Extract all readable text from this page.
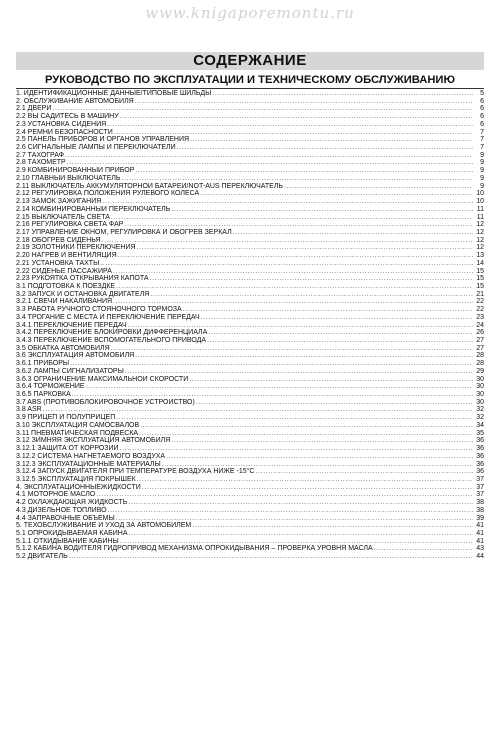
www.knigaporemontu.ru
СОДЕРЖАНИЕ
РУКОВОДСТВО ПО ЭКСПЛУАТАЦИИ И ТЕХНИЧЕСКОМУ ОБСЛУЖИВАНИЮ
1. ИДЕНТИФИКАЦИОННЫЕ ДАННЫЕ/ТИПОВЫЕ ШИЛЬДЫ .....	5
2. ОБСЛУЖИВАНИЕ АВТОМОБИЛЯ .....	6
2.1 ДВЕРИ .....	6
2.2 ВЫ САДИТЕСЬ В МАШИНУ .....	6
2.3 УСТАНОВКА СИДЕНИЯ .....	6
2.4 РЕМНИ БЕЗОПАСНОСТИ .....	7
2.5 ПАНЕЛЬ ПРИБОРОВ И ОРГАНОВ УПРАВЛЕНИЯ .....	7
2.6 СИГНАЛЬНЫЕ ЛАМПЫ И ПЕРЕКЛЮЧАТЕЛИ .....	7
2.7 ТАХОГРАФ .....	9
2.8 ТАХОМЕТР .....	9
2.9 КОМБИНИРОВАННЫЙ ПРИБОР .....	9
2.10 ГЛАВНЫЙ ВЫКЛЮЧАТЕЛЬ .....	9
2.11 ВЫКЛЮЧАТЕЛЬ АККУМУЛЯТОРНОЙ БАТАРЕИ/NOT-AUS ПЕРЕКЛЮЧАТЕЛЬ .....	9
2.12 РЕГУЛИРОВКА ПОЛОЖЕНИЯ РУЛЕВОГО КОЛЕСА .....	10
2.13 ЗАМОК ЗАЖИГАНИЯ .....	10
2.14 КОМБИНИРОВАННЫЙ ПЕРЕКЛЮЧАТЕЛЬ .....	11
2.15 ВЫКЛЮЧАТЕЛЬ СВЕТА .....	11
2.16 РЕГУЛИРОВКА СВЕТА ФАР .....	12
2.17 УПРАВЛЕНИЕ ОКНОМ, РЕГУЛИРОВКА И ОБОГРЕВ ЗЕРКАЛ .....	12
2.18 ОБОГРЕВ СИДЕНЬЯ .....	12
2.19 ЗОЛОТНИКИ ПЕРЕКЛЮЧЕНИЯ .....	12
2.20 НАГРЕВ И ВЕНТИЛЯЦИЯ .....	13
2.21 УСТАНОВКА ТАХТЫ .....	14
2.22 СИДЕНЬЕ ПАССАЖИРА .....	15
2.23 РУКОЯТКА ОТКРЫВАНИЯ КАПОТА .....	15
3.1 ПОДГОТОВКА К ПОЕЗДКЕ .....	15
3.2 ЗАПУСК И ОСТАНОВКА ДВИГАТЕЛЯ .....	21
3.2.1 СВЕЧИ НАКАЛИВАНИЯ .....	22
3.3 РАБОТА РУЧНОГО СТОЯНОЧНОГО ТОРМОЗА .....	22
3.4 ТРОГАНИЕ С МЕСТА И ПЕРЕКЛЮЧЕНИЕ ПЕРЕДАЧ .....	23
3.4.1 ПЕРЕКЛЮЧЕНИЕ ПЕРЕДАЧ .....	24
3.4.2 ПЕРЕКЛЮЧЕНИЕ БЛОКИРОВКИ ДИФФЕРЕНЦИАЛА .....	26
3.4.3 ПЕРЕКЛЮЧЕНИЕ ВСПОМОГАТЕЛЬНОГО ПРИВОДА .....	27
3.5 ОБКАТКА АВТОМОБИЛЯ .....	27
3.6 ЭКСПЛУАТАЦИЯ АВТОМОБИЛЯ .....	28
3.6.1 ПРИБОРЫ .....	28
3.6.2 ЛАМПЫ СИГНАЛИЗАТОРЫ .....	29
3.6.3 ОГРАНИЧЕНИЕ МАКСИМАЛЬНОЙ СКОРОСТИ .....	30
3.6.4 ТОРМОЖЕНИЕ .....	30
3.6.5 ПАРКОВКА .....	30
3.7 ABS (ПРОТИВОБЛОКИРОВОЧНОЕ УСТРОЙСТВО) .....	30
3.8 ASR .....	32
3.9 ПРИЦЕП И ПОЛУПРИЦЕП .....	32
3.10 ЭКСПЛУАТАЦИЯ САМОСВАЛОВ .....	34
3.11 ПНЕВМАТИЧЕСКАЯ ПОДВЕСКА .....	35
3.12 ЗИМНЯЯ ЭКСПЛУАТАЦИЯ АВТОМОБИЛЯ .....	36
3.12.1 ЗАЩИТА ОТ КОРРОЗИИ .....	36
3.12.2 СИСТЕМА НАГНЕТАЕМОГО ВОЗДУХА .....	36
3.12.3 ЭКСПЛУАТАЦИОННЫЕ МАТЕРИАЛЫ .....	36
3.12.4 ЗАПУСК ДВИГАТЕЛЯ ПРИ ТЕМПЕРАТУРЕ ВОЗДУХА НИЖЕ -15°С .....	36
3.12.5 ЭКСПЛУАТАЦИЯ ПОКРЫШЕК .....	37
4. ЭКСПЛУАТАЦИОННЫЕЖИДКОСТИ .....	37
4.1 МОТОРНОЕ МАСЛО .....	37
4.2 ОХЛАЖДАЮЩАЯ ЖИДКОСТЬ .....	38
4.3 ДИЗЕЛЬНОЕ ТОПЛИВО .....	38
4.4 ЗАПРАВОЧНЫЕ ОБЪЕМЫ .....	39
5. ТЕХОБСЛУЖИВАНИЕ И УХОД ЗА АВТОМОБИЛЕМ .....	41
5.1 ОПРОКИДЫВАЕМАЯ КАБИНА .....	41
5.1.1 ОТКИДЫВАНИЕ КАБИНЫ .....	41
5.1.2 КАБИНА ВОДИТЕЛЯ ГИДРОПРИВОД МЕХАНИЗМА ОПРОКИДЫВАНИЯ – ПРОВЕРКА УРОВНЯ МАСЛА .....	43
5.2 ДВИГАТЕЛЬ .....	44
